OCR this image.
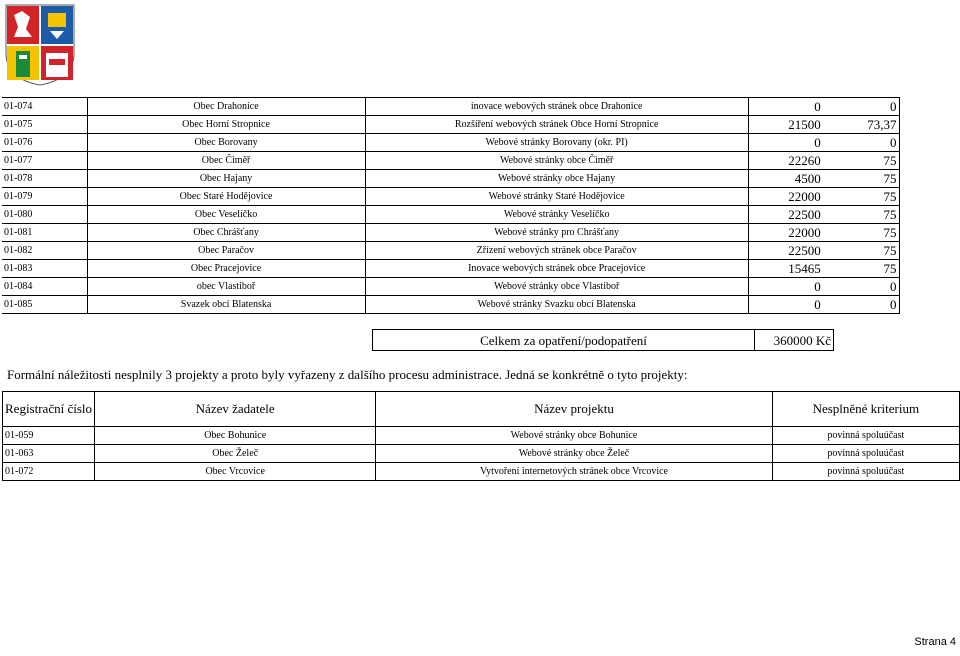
01-074	Obec Drahonice	inovace webových stránek obce Drahonice	0	0	
01-075	Obec Horní Stropnice	Rozšíření webových stránek Obce Horní Stropnice	21500	73,37	
01-076	Obec Borovany	Webové stránky Borovany (okr. PI)	0	0	
01-077	Obec Čiměř	Webové stránky obce Čiměř	22260	75	
01-078	Obec Hajany	Webové stránky obce Hajany	4500	75	
01-079	Obec Staré Hodějovice	Webové stránky Staré Hodějovice	22000	75	
01-080	Obec Veselíčko	Webové stránky Veselíčko	22500	75	
01-081	Obec Chrášťany	Webové stránky pro Chrášťany	22000	75	
01-082	Obec Paračov	Zřízení webových stránek obce Paračov	22500	75	
01-083	Obec Pracejovice	Inovace webových stránek obce Pracejovice	15465	75	
01-084	obec Vlastiboř	Webové stránky obce Vlastiboř	0	0	
01-085	Svazek obcí Blatenska	Webové stránky Svazku obcí Blatenska	0	0	
Celkem za opatření/podopatření	360000 Kč
Formální náležitosti nesplnily 3 projekty a proto byly vyřazeny z dalšího procesu administrace. Jedná se konkrétně o tyto projekty:
Registrační číslo	Název žadatele	Název projektu	Nesplněné kriterium
01-059	Obec Bohunice	Webové stránky obce Bohunice	povinná spoluúčast
01-063	Obec Želeč	Webové stránky obce Želeč	povinná spoluúčast
01-072	Obec Vrcovice	Vytvoření internetových stránek obce Vrcovice	povinná spoluúčast
Strana 4
